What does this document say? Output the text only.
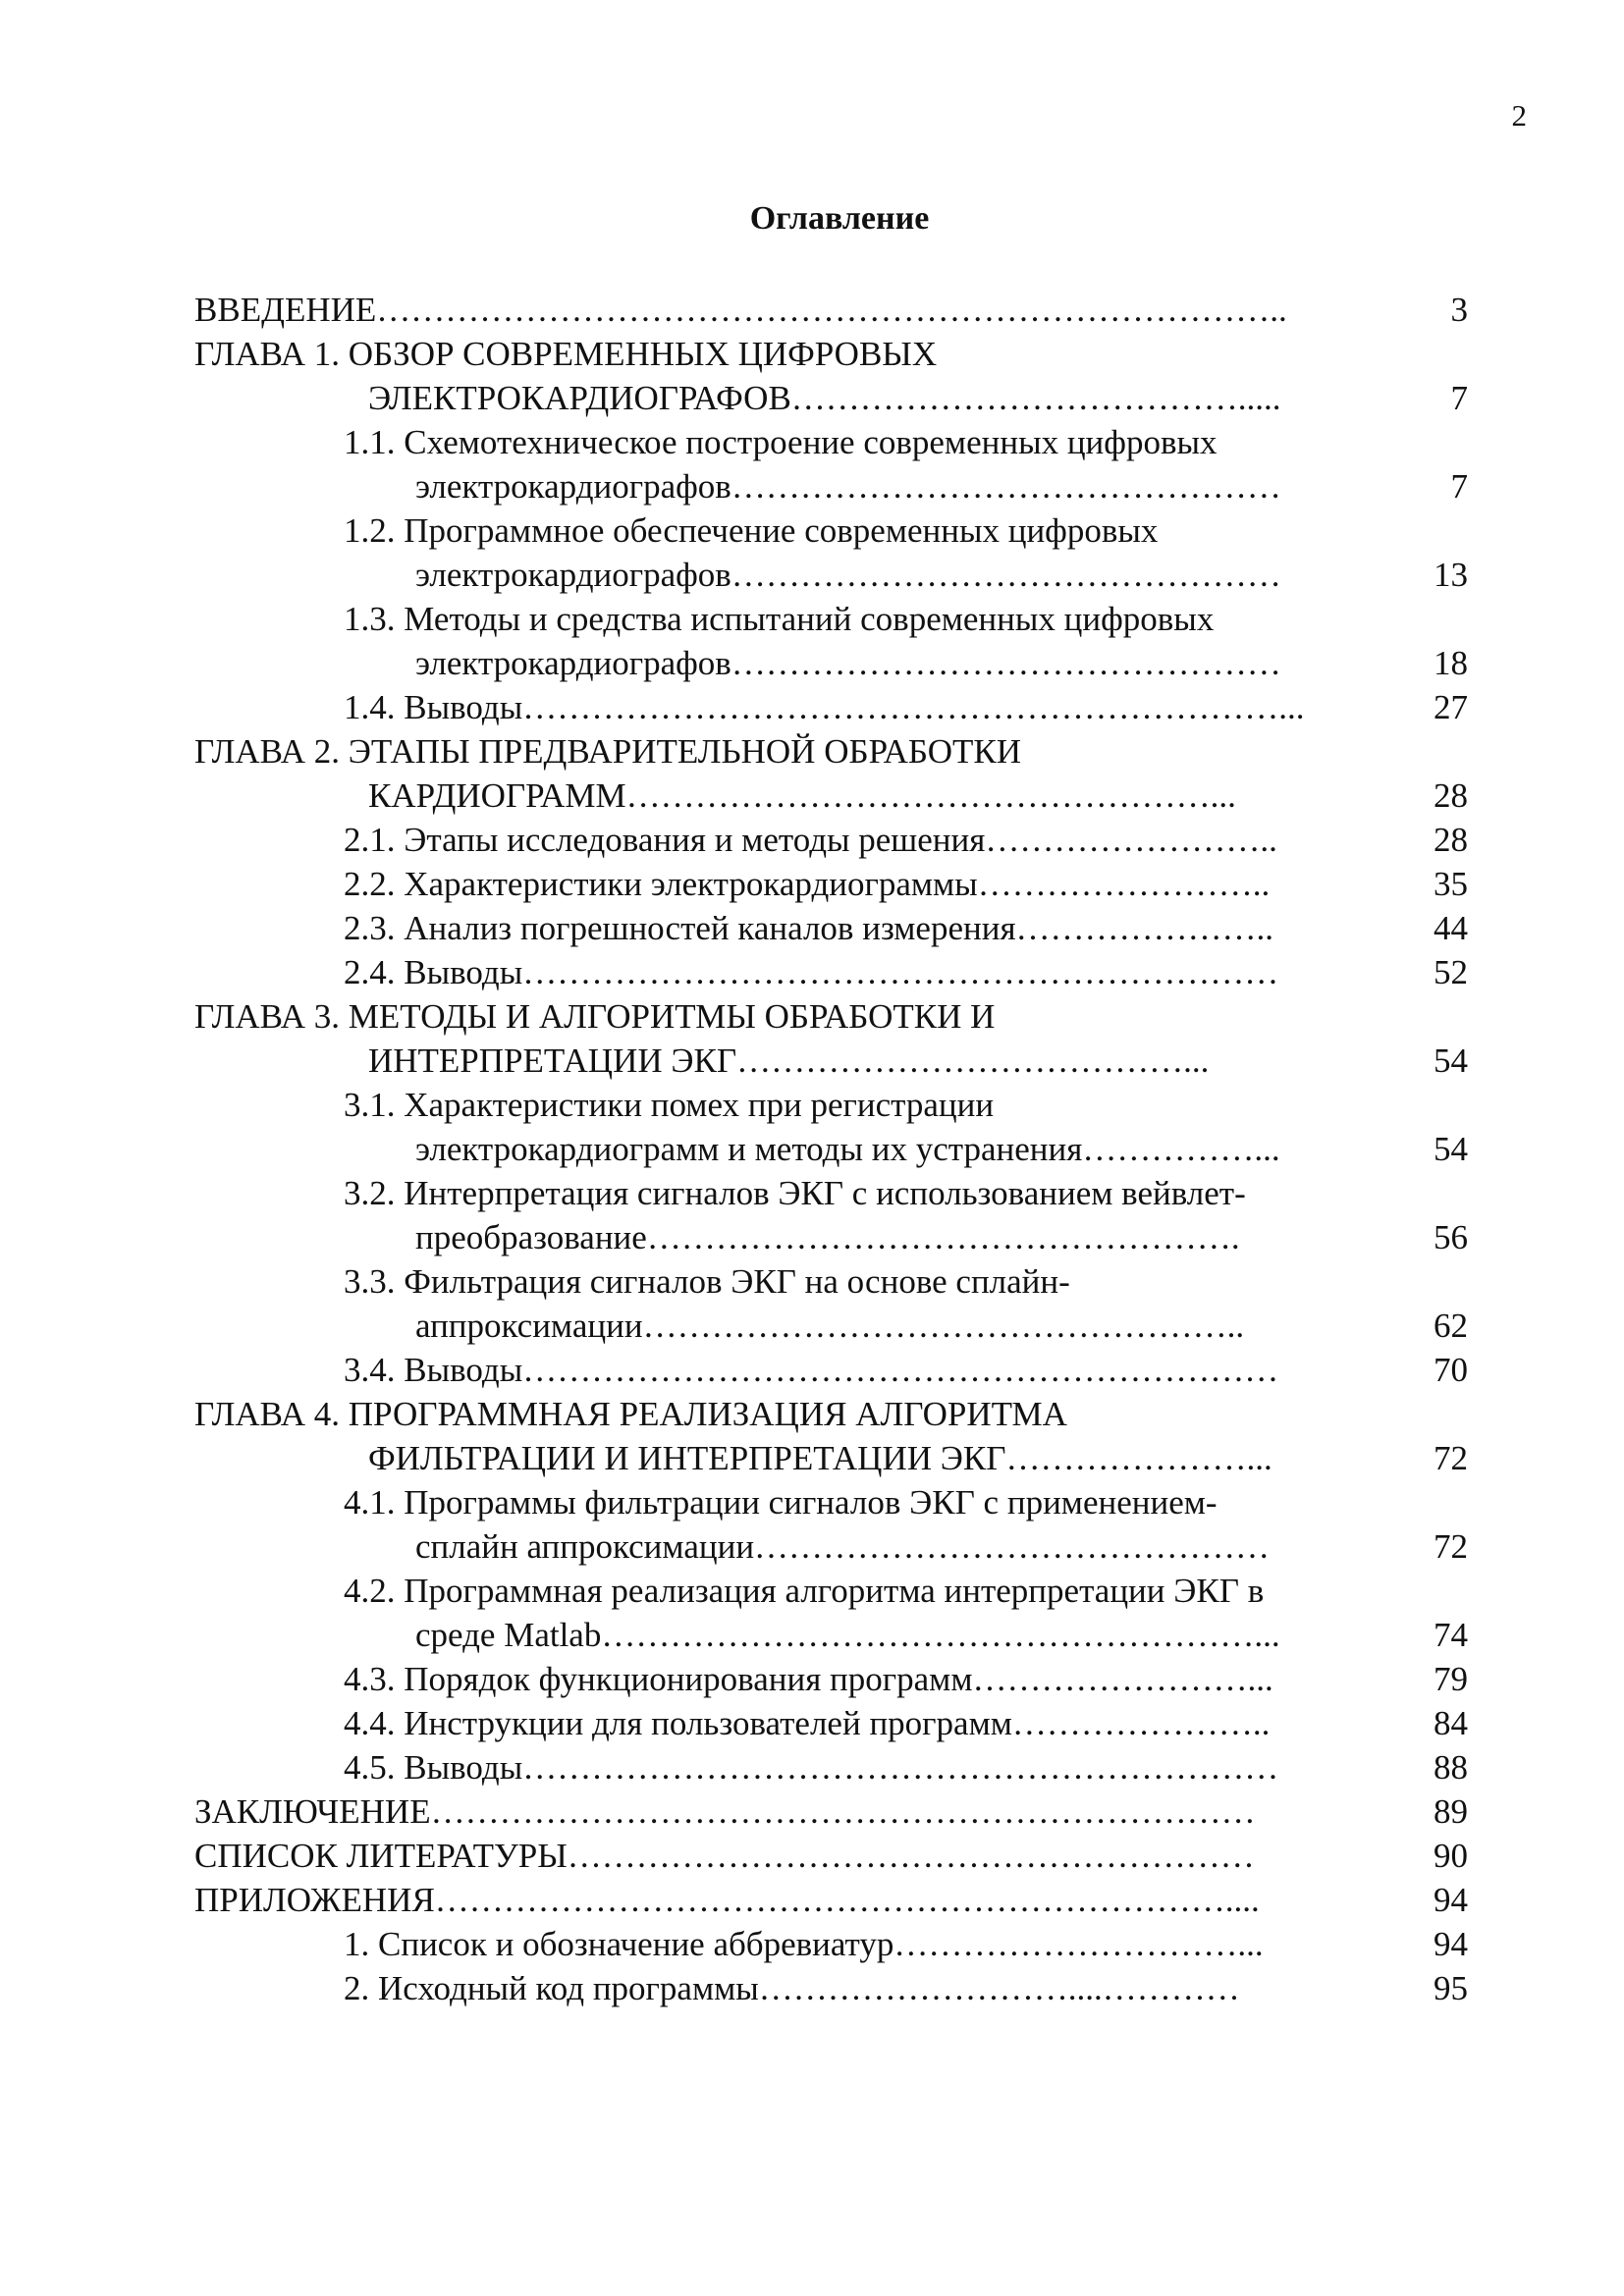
2
Оглавление
ВВЕДЕНИЕ……………………………………………………………………..	3
ГЛАВА 1. ОБЗОР СОВРЕМЕННЫХ ЦИФРОВЫХ
ЭЛЕКТРОКАРДИОГРАФОВ………………………………….....	7
1.1. Схемотехническое построение современных цифровых
электрокардиографов…………………………………………	7
1.2. Программное обеспечение современных цифровых
электрокардиографов…………………………………………	13
1.3. Методы и средства испытаний современных цифровых
электрокардиографов…………………………………………	18
1.4. Выводы…………………………………………………………...	27
ГЛАВА 2. ЭТАПЫ ПРЕДВАРИТЕЛЬНОЙ ОБРАБОТКИ
КАРДИОГРАММ……………………………………………...	28
2.1. Этапы исследования и методы решения……………………..	28
2.2. Характеристики электрокардиограммы……………………..	35
2.3. Анализ погрешностей каналов измерения…………………..	44
2.4. Выводы…………………………………………………………	52
ГЛАВА 3. МЕТОДЫ И АЛГОРИТМЫ ОБРАБОТКИ И
ИНТЕРПРЕТАЦИИ ЭКГ…………………………………...	54
3.1. Характеристики помех при регистрации
электрокардиограмм и методы их устранения……………...	54
3.2. Интерпретация сигналов ЭКГ с использованием вейвлет-
преобразование…………………………………………….	56
3.3. Фильтрация сигналов ЭКГ на основе сплайн-
аппроксимации……………………………………………..	62
3.4. Выводы…………………………………………………………	70
ГЛАВА 4. ПРОГРАММНАЯ РЕАЛИЗАЦИЯ АЛГОРИТМА
ФИЛЬТРАЦИИ И ИНТЕРПРЕТАЦИИ ЭКГ…………………...	72
4.1. Программы фильтрации сигналов ЭКГ с применением-
сплайн аппроксимации………………………………………	72
4.2. Программная реализация алгоритма интерпретации ЭКГ в
среде Matlab…………………………………………………...	74
4.3. Порядок функционирования программ……………………...	79
4.4. Инструкции для пользователей программ…………………..	84
4.5. Выводы…………………………………………………………	88
ЗАКЛЮЧЕНИЕ………………………………………………………………	89
СПИСОК ЛИТЕРАТУРЫ……………………………………………………	90
ПРИЛОЖЕНИЯ……………………………………………………………....	94
1. Список и обозначение аббревиатур…………………………...	94
2. Исходный код программы………………………....…………	95
